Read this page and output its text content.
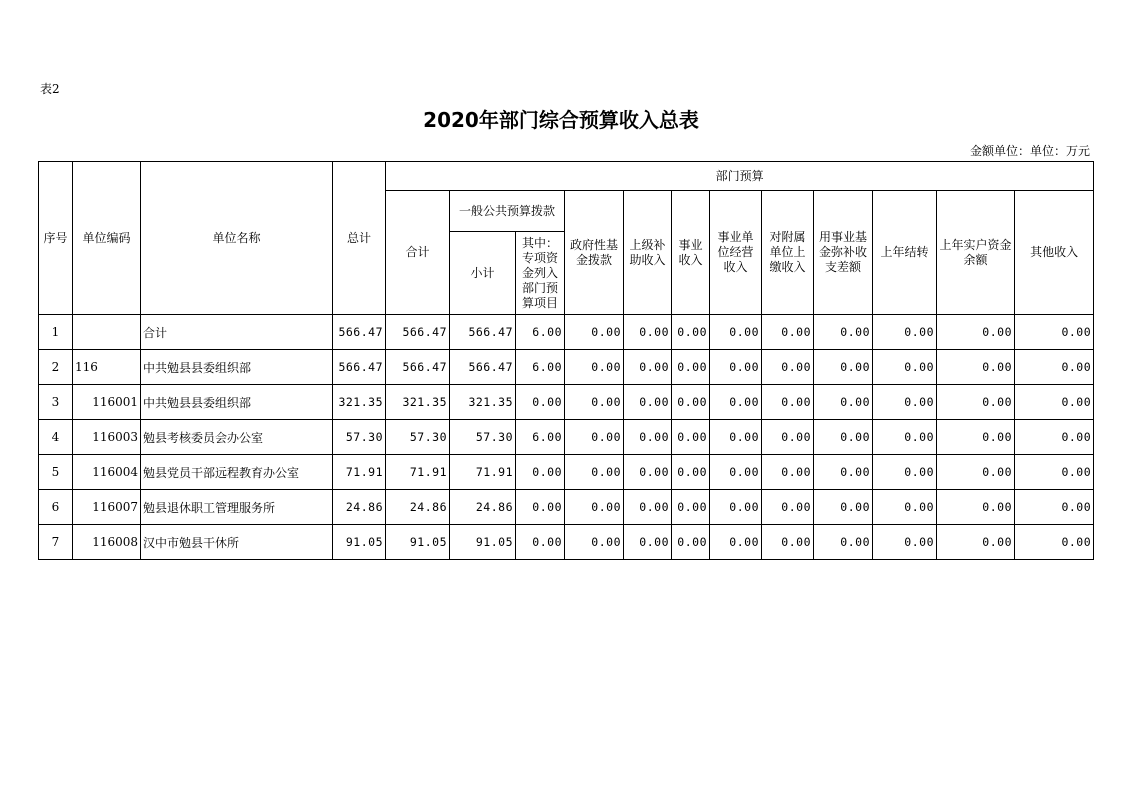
表2
2020年部门综合预算收入总表
金额单位：单位：万元
序号	单位编码	单位名称	总计	部门预算											
				合计	一般公共预算拨款		政府性基金拨款	上级补助收入	事业收入	事业单位经营收入	对附属单位上缴收入	用事业基金弥补收支差额	上年结转	上年实户资金余额	其他收入
					小计	其中：专项资金列入部门预算项目									
1		合计	566.47	566.47	566.47	6.00	0.00	0.00	0.00	0.00	0.00	0.00	0.00	0.00	0.00
2	116	中共勉县县委组织部	566.47	566.47	566.47	6.00	0.00	0.00	0.00	0.00	0.00	0.00	0.00	0.00	0.00
3	116001	中共勉县县委组织部	321.35	321.35	321.35	0.00	0.00	0.00	0.00	0.00	0.00	0.00	0.00	0.00	0.00
4	116003	勉县考核委员会办公室	57.30	57.30	57.30	6.00	0.00	0.00	0.00	0.00	0.00	0.00	0.00	0.00	0.00
5	116004	勉县党员干部远程教育办公室	71.91	71.91	71.91	0.00	0.00	0.00	0.00	0.00	0.00	0.00	0.00	0.00	0.00
6	116007	勉县退休职工管理服务所	24.86	24.86	24.86	0.00	0.00	0.00	0.00	0.00	0.00	0.00	0.00	0.00	0.00
7	116008	汉中市勉县干休所	91.05	91.05	91.05	0.00	0.00	0.00	0.00	0.00	0.00	0.00	0.00	0.00	0.00
